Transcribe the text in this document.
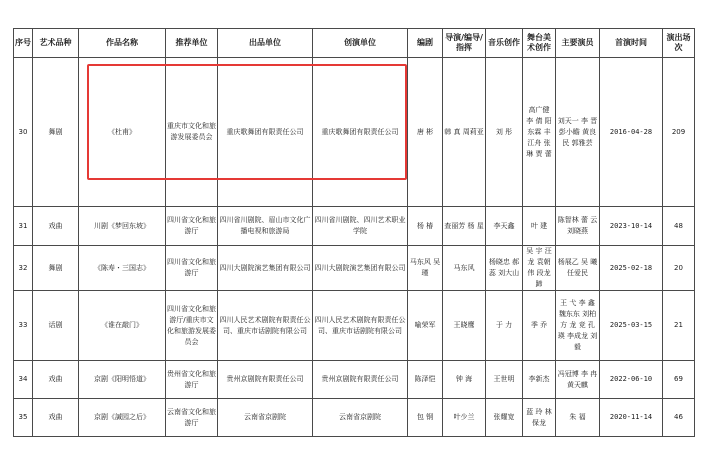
序号	艺术品种	作品名称	推荐单位	出品单位	创演单位	编剧	导演/编导/指挥	音乐创作	舞台美术创作	主要演员	首演时间	演出场次
30	舞剧	《杜甫》	重庆市文化和旅游发展委员会	重庆歌舞团有限责任公司	重庆歌舞团有限责任公司	唐 彬	韩 真 周莉亚	刘 彤	高广健 李 倩 阳东霖 丰江舟 张 琳 贾 蕾	刘天一 李 晋 彭小瞻 黄良民 郭雅芸	2016-04-28	209
31	戏曲	川剧《梦回东坡》	四川省文化和旅游厅	四川省川剧院、眉山市文化广播电视和旅游局	四川省川剧院、四川艺术职业学院	杨 椿	查丽芳 杨 星	李天鑫	叶 建	陈智林 蕾 云 刘晓燕	2023-10-14	48
32	舞剧	《陈寿・三国志》	四川省文化和旅游厅	四川大剧院演艺集团有限公司	四川大剧院演艺集团有限公司	马东风 吴 瑾	马东风	杨晓忠 郝 蕊 刘大山	吴 宇 汪 龙 袁朝伟 段龙蹄	杨展乙 吴 曦 任爱民	2025-02-18	20
33	话剧	《谁在敲门》	四川省文化和旅游厅/重庆市文化和旅游发展委员会	四川人民艺术剧院有限责任公司、重庆市话剧院有限公司	四川人民艺术剧院有限责任公司、重庆市话剧院有限公司	喻荣军	王晓鹰	于 力	季 乔	王 弋 李 鑫 魏东东 刘柏方 龙 竞 孔 瑛 李成龙 刘 毅	2025-03-15	21
34	戏曲	京剧《阳明悟道》	贵州省文化和旅游厅	贵州京剧院有限责任公司	贵州京剧院有限责任公司	陈泽恺	钟 海	王世明	李新杰	冯冠博 李 冉 黄天麒	2022-06-10	69
35	戏曲	京剧《諴园之后》	云南省文化和旅游厅	云南省京剧院	云南省京剧院	包 钢	叶少兰	张耀宽	蓝 玲 林保龙	朱 福	2020-11-14	46
